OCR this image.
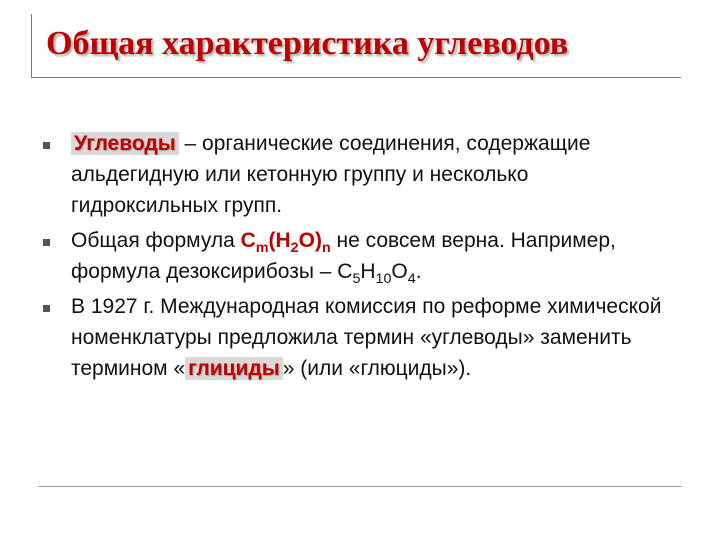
Общая характеристика углеводов
Углеводы – органические соединения, содержащие альдегидную или кетонную группу и несколько гидроксильных групп.
Общая формула $C_m(H_2O)_n$ не совсем верна. Например, формула дезоксирибозы – $С_5Н_{10}О_4$.
В 1927 г. Международная комиссия по реформе химической номенклатуры предложила термин «углеводы» заменить термином « глициды » (или «глюциды»).
